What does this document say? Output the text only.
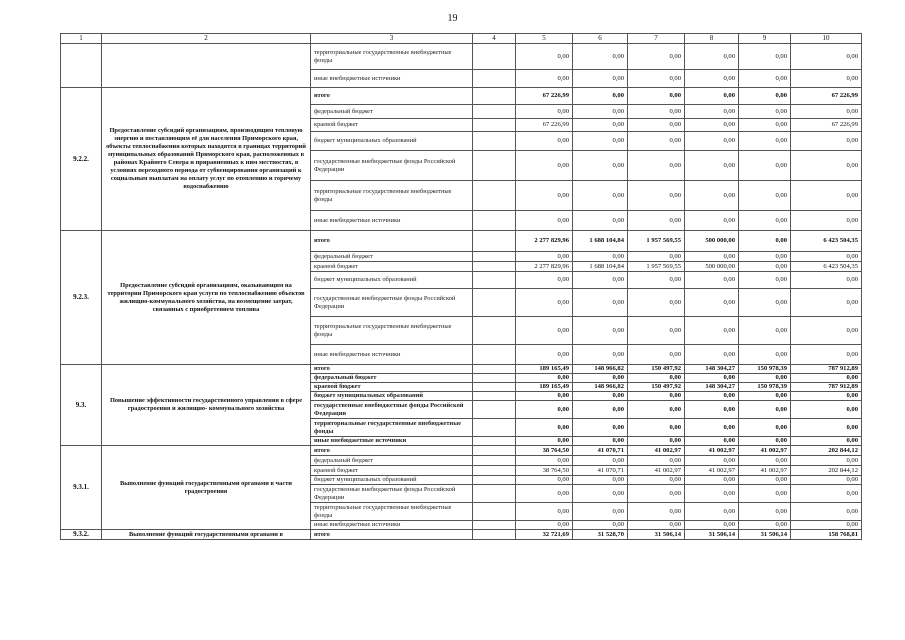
19
1	2	3	4	5	6	7	8	9	10
		территориальные государственные внебюджетные фонды		0,00	0,00	0,00	0,00	0,00	0,00
		иные внебюджетные источники		0,00	0,00	0,00	0,00	0,00	0,00
9.2.2.	Предоставление субсидий организациям, производящим тепловую энергию и поставляющим её для населения Приморского края, объекты теплоснабжения которых находятся в границах территорий муниципальных образований Приморского края, расположенных в районах Крайнего Севера и приравненных к ним местностях, в условиях переходного периода от субвенцирования организаций к социальным выплатам на оплату услуг по отоплению и горячему водоснабжению	итого		67 226,99	0,00	0,00	0,00	0,00	67 226,99
		федеральный бюджет		0,00	0,00	0,00	0,00	0,00	0,00
		краевой бюджет		67 226,99	0,00	0,00	0,00	0,00	67 226,99
		бюджет муниципальных образований		0,00	0,00	0,00	0,00	0,00	0,00
		государственные внебюджетные фонды Российской Федерации		0,00	0,00	0,00	0,00	0,00	0,00
		территориальные государственные внебюджетные фонды		0,00	0,00	0,00	0,00	0,00	0,00
		иные внебюджетные источники		0,00	0,00	0,00	0,00	0,00	0,00
9.2.3.	Предоставление субсидий организациям, оказывающим на территории Приморского края услуги по теплоснабжению объектов жилищно-коммунального хозяйства, на возмещение затрат, связанных с приобретением топлива	итого		2 277 829,96	1 688 104,84	1 957 569,55	500 000,00	0,00	6 423 504,35
		федеральный бюджет		0,00	0,00	0,00	0,00	0,00	0,00
		краевой бюджет		2 277 829,96	1 688 104,84	1 957 569,55	500 000,00	0,00	6 423 504,35
		бюджет муниципальных образований		0,00	0,00	0,00	0,00	0,00	0,00
		государственные внебюджетные фонды Российской Федерации		0,00	0,00	0,00	0,00	0,00	0,00
		территориальные государственные внебюджетные фонды		0,00	0,00	0,00	0,00	0,00	0,00
		иные внебюджетные источники		0,00	0,00	0,00	0,00	0,00	0,00
9.3.	Повышение эффективности государственного управления в сфере градостроения и жилищно- коммунального хозяйства	итого		189 165,49	148 966,82	150 497,92	148 304,27	150 978,39	787 912,89
		федеральный бюджет		0,00	0,00	0,00	0,00	0,00	0,00
		краевой бюджет		189 165,49	148 966,82	150 497,92	148 304,27	150 978,39	787 912,89
		бюджет муниципальных образований		0,00	0,00	0,00	0,00	0,00	0,00
		государственные внебюджетные фонды Российской Федерации		0,00	0,00	0,00	0,00	0,00	0,00
		территориальные государственные внебюджетные фонды		0,00	0,00	0,00	0,00	0,00	0,00
		иные внебюджетные источники		0,00	0,00	0,00	0,00	0,00	0,00
9.3.1.	Выполнение функций государственными органами в части градостроения	итого		38 764,50	41 070,71	41 002,97	41 002,97	41 002,97	202 844,12
		федеральный бюджет		0,00	0,00	0,00	0,00	0,00	0,00
		краевой бюджет		38 764,50	41 070,71	41 002,97	41 002,97	41 002,97	202 844,12
		бюджет муниципальных образований		0,00	0,00	0,00	0,00	0,00	0,00
		государственные внебюджетные фонды Российской Федерации		0,00	0,00	0,00	0,00	0,00	0,00
		территориальные государственные внебюджетные фонды		0,00	0,00	0,00	0,00	0,00	0,00
		иные внебюджетные источники		0,00	0,00	0,00	0,00	0,00	0,00
9.3.2.	Выполнение функций государственными органами в	итого		32 721,69	31 528,70	31 506,14	31 506,14	31 506,14	158 768,81
